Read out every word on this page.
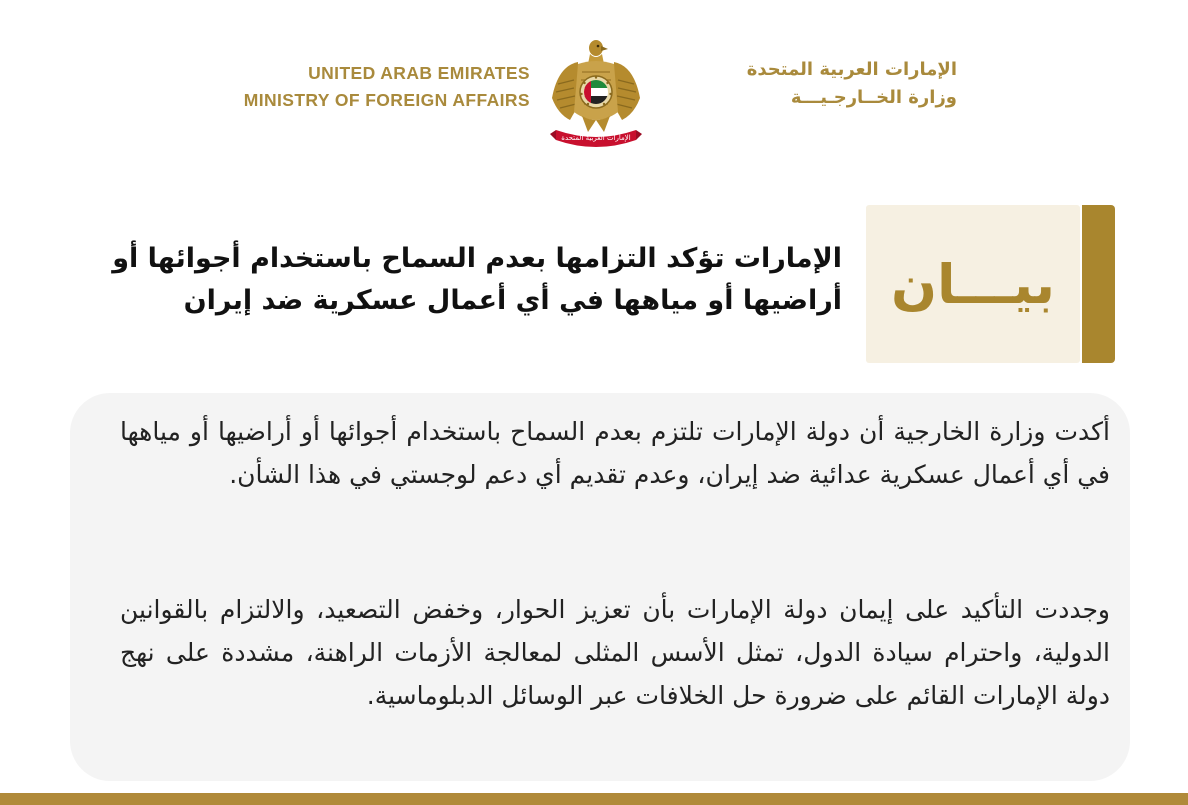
UNITED ARAB EMIRATES
MINISTRY OF FOREIGN AFFAIRS
الإمارات العربية المتحدة
الإمارات العربية المتحدة
وزارة الخــارجـيـــة
بيـــان
الإمارات تؤكد التزامها بعدم السماح باستخدام أجوائها أو
أراضيها أو مياهها في أي أعمال عسكرية ضد إيران
أكدت وزارة الخارجية أن دولة الإمارات تلتزم بعدم السماح باستخدام أجوائها أو أراضيها أو مياهها في أي أعمال عسكرية عدائية ضد إيران، وعدم تقديم أي دعم لوجستي في هذا الشأن.
وجددت التأكيد على إيمان دولة الإمارات بأن تعزيز الحوار، وخفض التصعيد، والالتزام بالقوانين الدولية، واحترام سيادة الدول، تمثل الأسس المثلى لمعالجة الأزمات الراهنة، مشددة على نهج دولة الإمارات القائم على ضرورة حل الخلافات عبر الوسائل الدبلوماسية.
